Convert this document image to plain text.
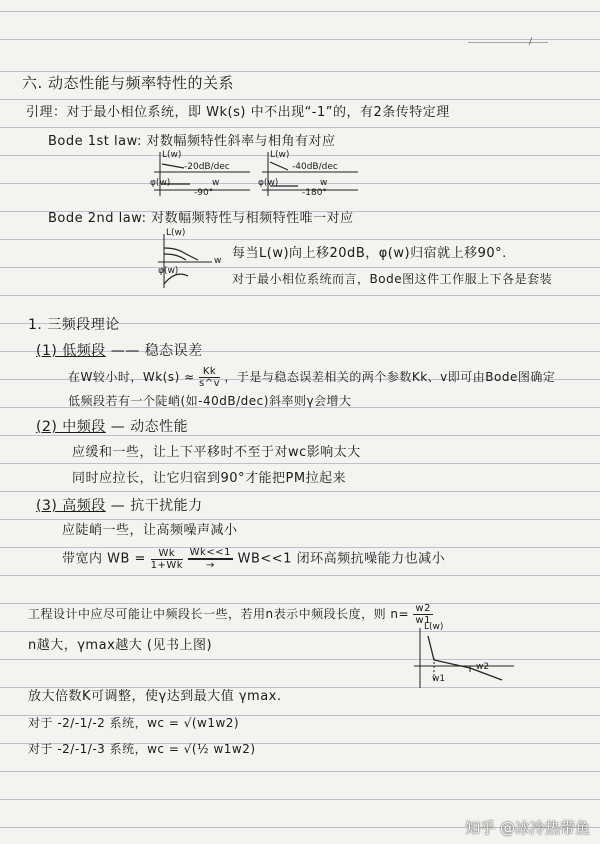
六. 动态性能与频率特性的关系
引理：对于最小相位系统，即 Wk(s) 中不出现“-1”的，有2条传特定理
Bode 1st law: 对数幅频特性斜率与相角有对应
L(w)
-20dB/dec
φ(w)	w
-90°
L(w)
-40dB/dec
φ(w)	w
-180°
Bode 2nd law: 对数幅频特性与相频特性唯一对应
L(w)
φ(w)
w 每当L(w)向上移20dB，φ(w)归宿就上移90°.
对于最小相位系统而言，Bode图这件工作服上下各是套装
1. 三频段理论
(1) 低频段 —— 稳态误差
在W较小时，$Wk(s) \approx \frac{Kk}{s\^{}v}$ ，于是与稳态误差相关的两个参数Kk、v即可由Bode图确定
低频段若有一个陡峭(如-40dB/dec)斜率则γ会增大
(2) 中频段 — 动态性能
应缓和一些，让上下平移时不至于对wc影响太大
同时应拉长，让它归宿到90°才能把PM拉起来
(3) 高频段 — 抗干扰能力
应陡峭一些，让高频噪声减小
带宽内 WB = $\frac{Wk}{1+Wk}$
$\frac{Wk<<1}{\to} WB<<1$ 闭环高频抗噪能力也减小
工程设计中应尽可能让中频段长一些，若用n表示中频段长度，则 $n= \frac{w2}{w1}$
n越大，γmax越大 (见书上图)
L(w)
w1
w2
放大倍数K可调整，使γ达到最大值 γmax.
对于 -2/-1/-2 系统，wc = √(w1w2)
对于 -2/-1/-3 系统，wc = √(½ w1w2)
知乎 @冰冷热带鱼
